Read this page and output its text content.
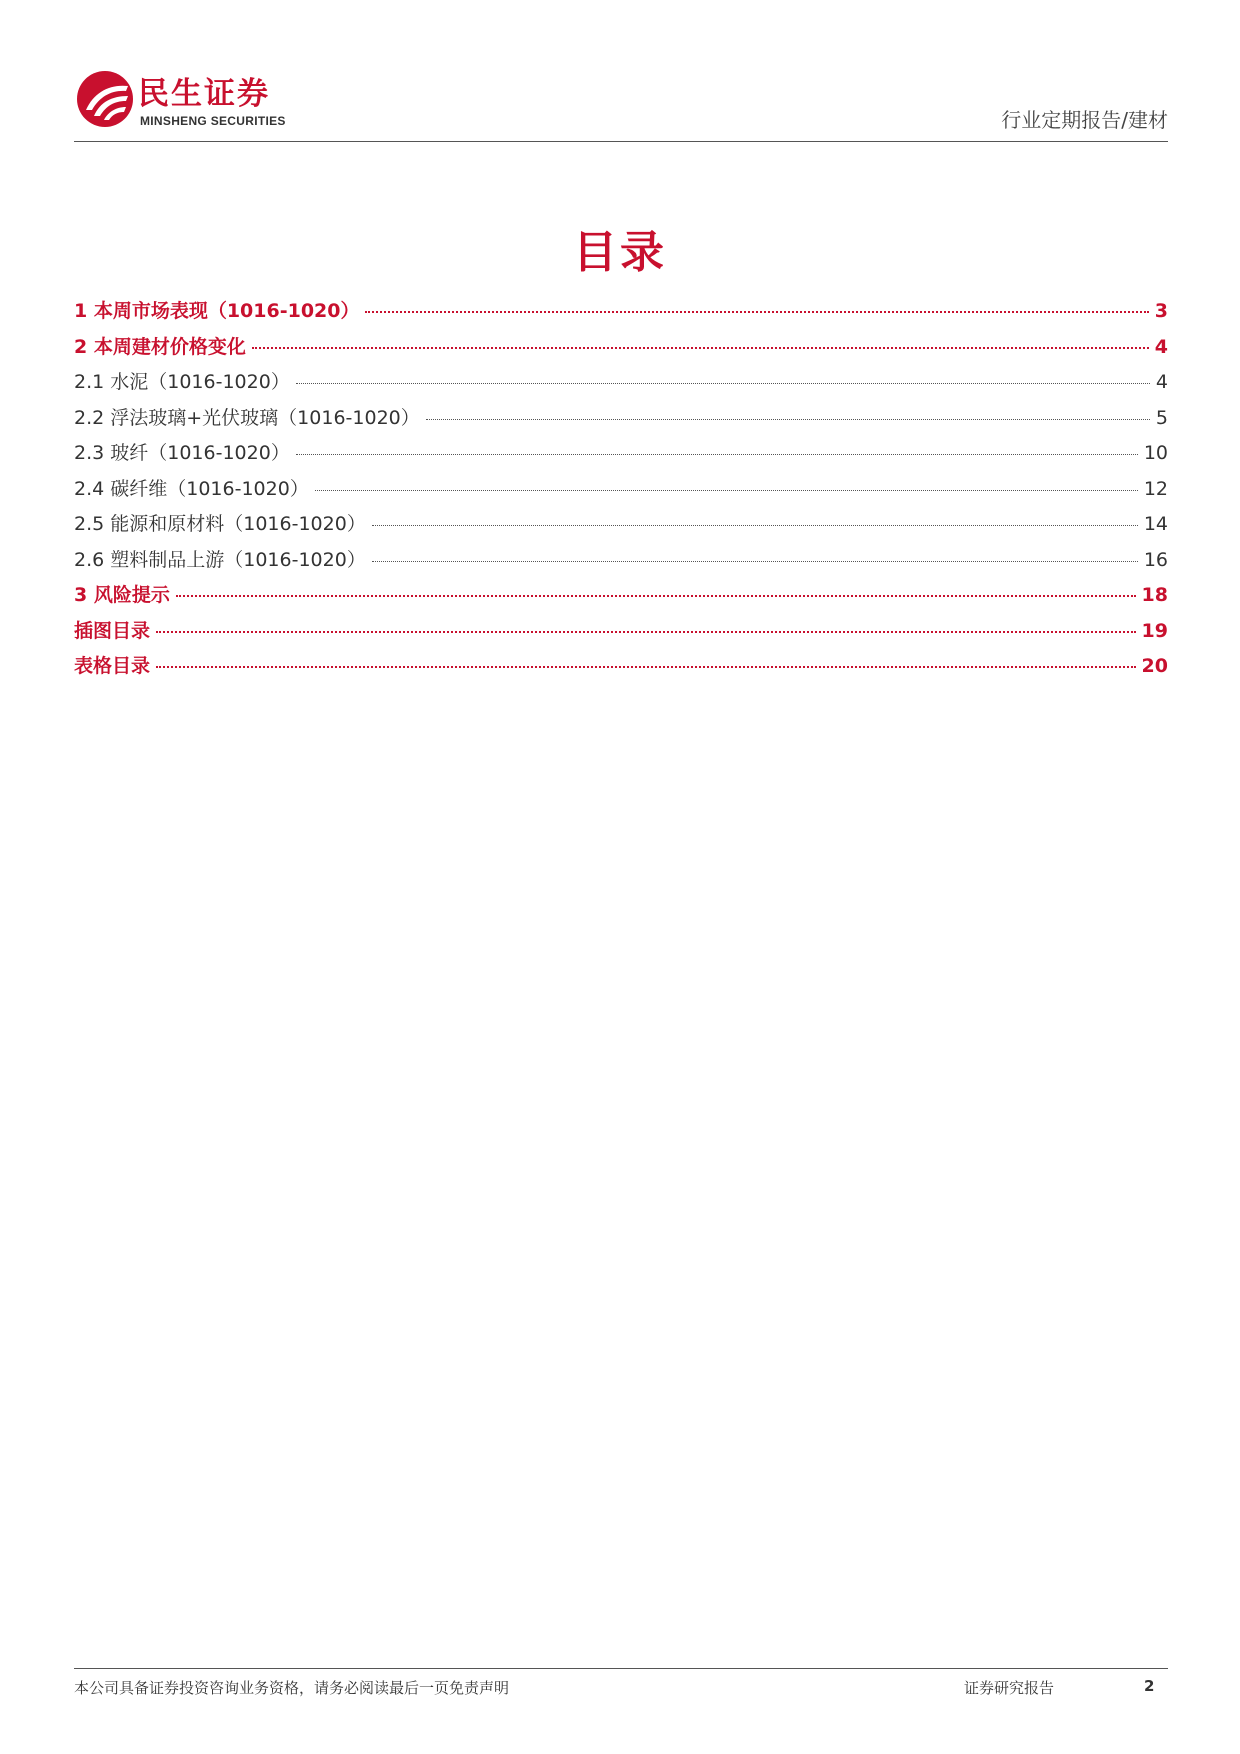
民生证券
MINSHENG SECURITIES	行业定期报告/建材
目录
1 本周市场表现（1016-1020）	3
2 本周建材价格变化	4
2.1 水泥（1016-1020）	4
2.2 浮法玻璃+光伏玻璃（1016-1020）	5
2.3 玻纤（1016-1020）	10
2.4 碳纤维（1016-1020）	12
2.5 能源和原材料（1016-1020）	14
2.6 塑料制品上游（1016-1020）	16
3 风险提示	18
插图目录	19
表格目录	20
本公司具备证券投资咨询业务资格，请务必阅读最后一页免责声明	证券研究报告	2
